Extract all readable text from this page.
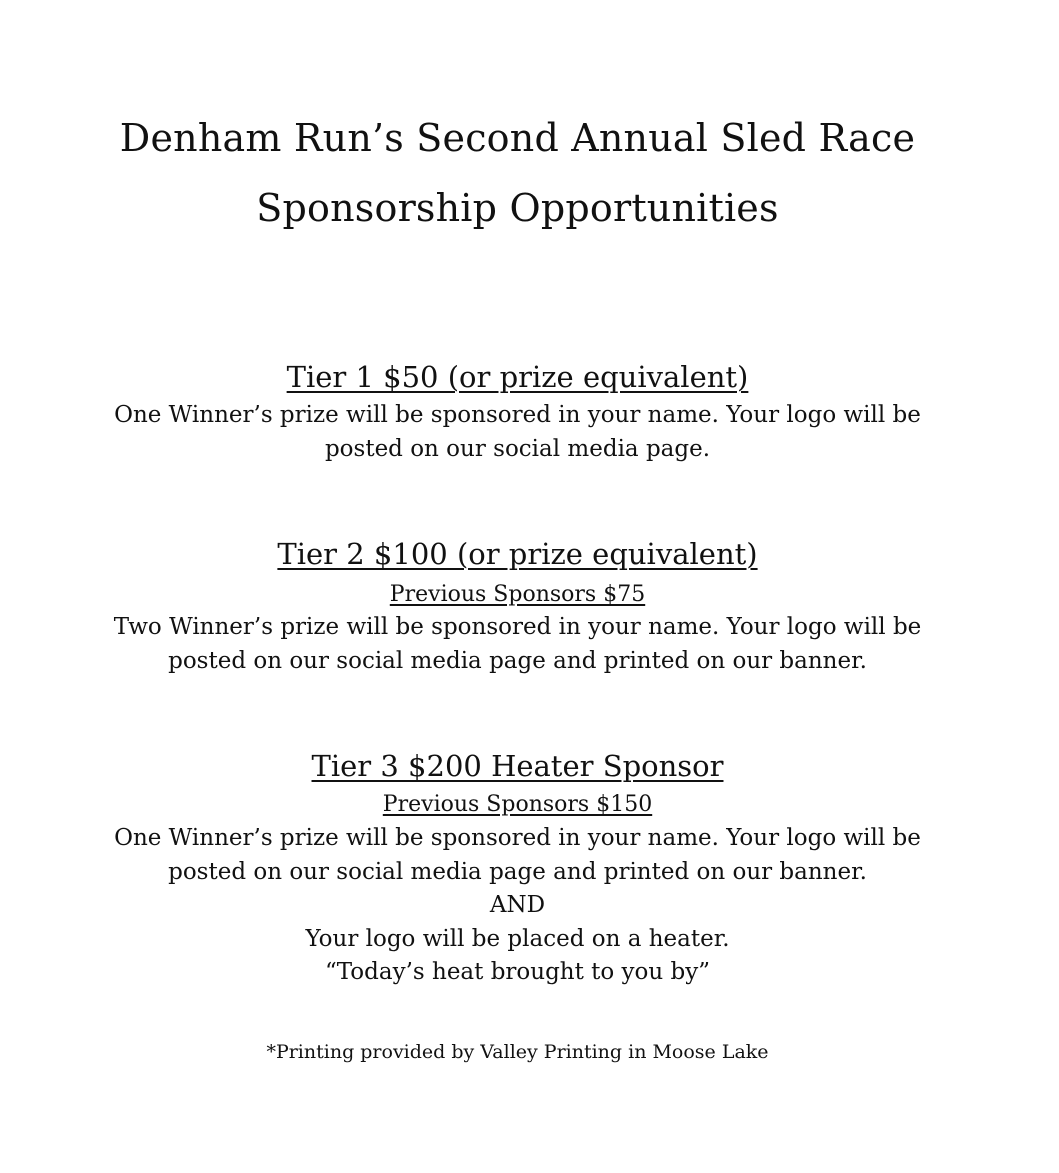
Denham Run’s Second Annual Sled Race
Sponsorship Opportunities
Tier 1 $50 (or prize equivalent)
One Winner’s prize will be sponsored in your name. Your logo will be
posted on our social media page.
Tier 2 $100 (or prize equivalent)
Previous Sponsors $75
Two Winner’s prize will be sponsored in your name. Your logo will be
posted on our social media page and printed on our banner.
Tier 3 $200 Heater Sponsor
Previous Sponsors $150
One Winner’s prize will be sponsored in your name. Your logo will be
posted on our social media page and printed on our banner.
AND
Your logo will be placed on a heater.
“Today’s heat brought to you by”
*Printing provided by Valley Printing in Moose Lake
